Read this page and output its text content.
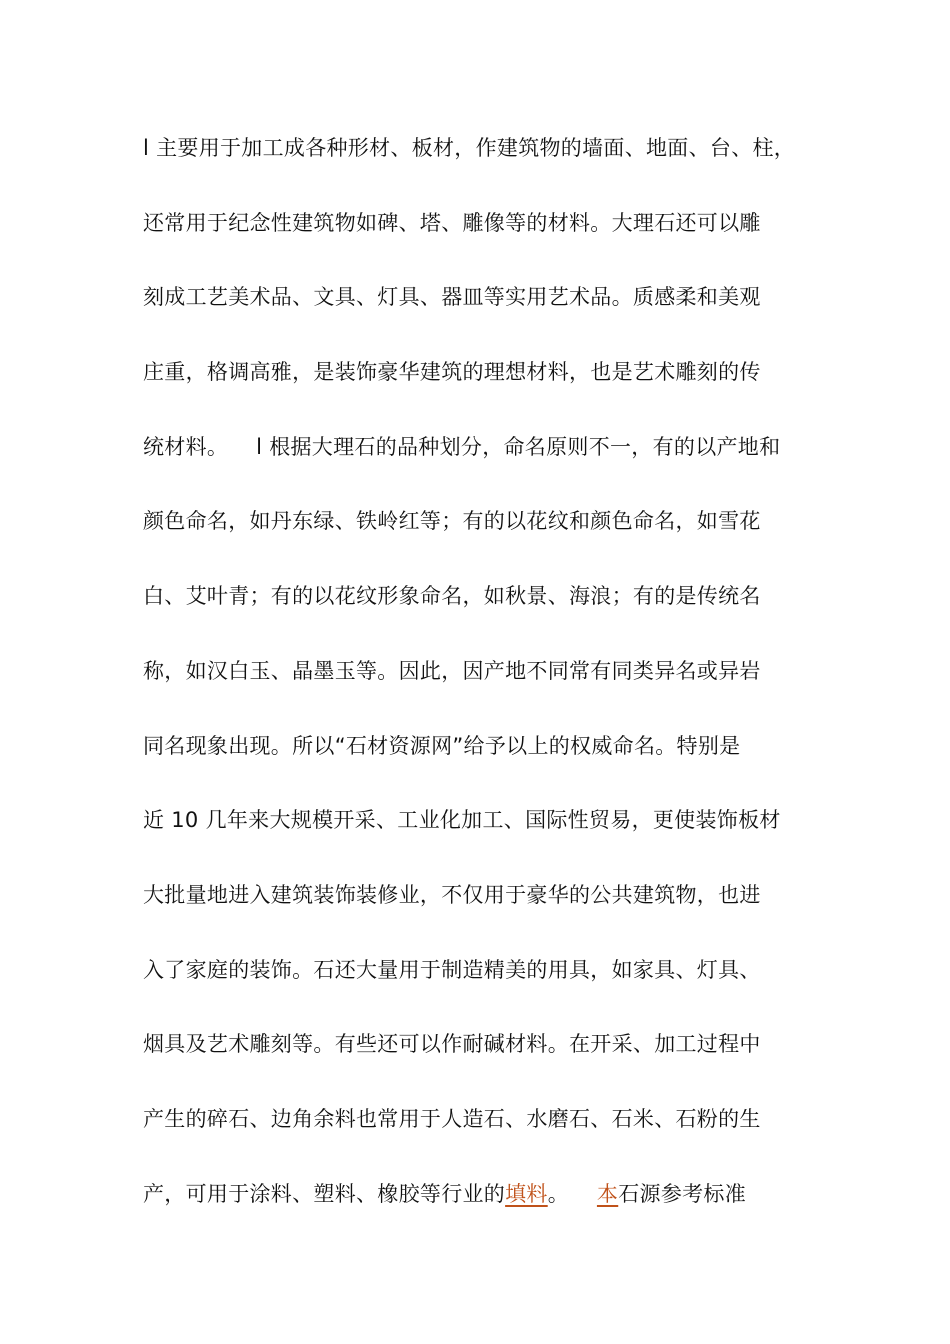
l 主要用于加工成各种形材、板材，作建筑物的墙面、地面、台、柱，
还常用于纪念性建筑物如碑、塔、雕像等的材料。大理石还可以雕
刻成工艺美术品、文具、灯具、器皿等实用艺术品。质感柔和美观
庄重，格调高雅，是装饰豪华建筑的理想材料，也是艺术雕刻的传
统材料。    l 根据大理石的品种划分，命名原则不一，有的以产地和
颜色命名，如丹东绿、铁岭红等；有的以花纹和颜色命名，如雪花
白、艾叶青；有的以花纹形象命名，如秋景、海浪；有的是传统名
称，如汉白玉、晶墨玉等。因此，因产地不同常有同类异名或异岩
同名现象出现。所以“石材资源网”给予以上的权威命名。特别是
近 10 几年来大规模开采、工业化加工、国际性贸易，更使装饰板材
大批量地进入建筑装饰装修业，不仅用于豪华的公共建筑物，也进
入了家庭的装饰。石还大量用于制造精美的用具，如家具、灯具、
烟具及艺术雕刻等。有些还可以作耐碱材料。在开采、加工过程中
产生的碎石、边角余料也常用于人造石、水磨石、石米、石粉的生
产，可用于涂料、塑料、橡胶等行业的填料。    本石源参考标准
